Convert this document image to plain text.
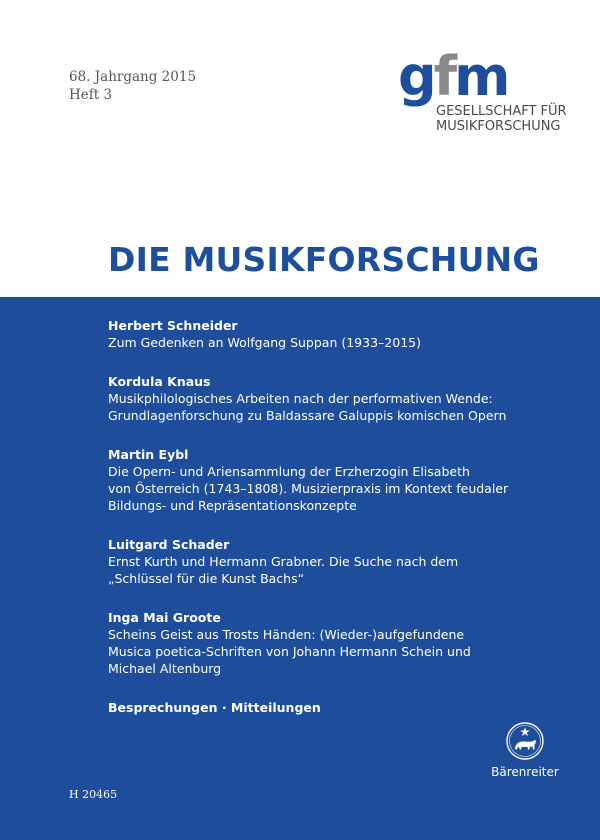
68. Jahrgang 2015
Heft 3	gfm
GESELLSCHAFT FÜR
MUSIKFORSCHUNG
DIE MUSIKFORSCHUNG

Herbert Schneider

Zum Gedenken an Wolfgang Suppan (1933–2015)

Kordula Knaus

Musikphilologisches Arbeiten nach der performativen Wende:

Grundlagenforschung zu Baldassare Galuppis komischen Opern

Martin Eybl

Die Opern- und Ariensammlung der Erzherzogin Elisabeth

von Österreich (1743–1808). Musizierpraxis im Kontext feudaler

Bildungs- und Repräsentationskonzepte

Luitgard Schader

Ernst Kurth und Hermann Grabner. Die Suche nach dem

„Schlüssel für die Kunst Bachs“

Inga Mai Groote

Scheins Geist aus Trosts Händen: (Wieder-)aufgefundene

Musica poetica-Schriften von Johann Hermann Schein und

Michael Altenburg

Besprechungen · Mitteilungen
H 20465
Bärenreiter
